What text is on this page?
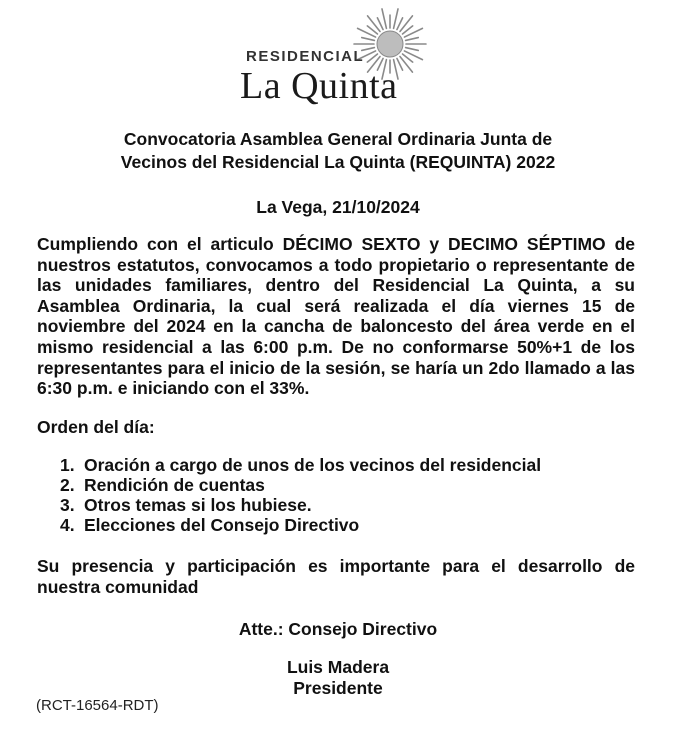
RESIDENCIAL
La Quinta
Convocatoria Asamblea General Ordinaria Junta de
Vecinos del Residencial La Quinta (REQUINTA) 2022

La Vega, 21/10/2024

Cumpliendo con el articulo DÉCIMO SEXTO y DECIMO SÉPTIMO de nuestros estatutos, convocamos a todo propietario o representante de las unidades familiares, dentro del Residencial La Quinta, a su Asamblea Ordinaria, la cual será realizada el día viernes 15 de noviembre del 2024 en la cancha de baloncesto del área verde en el mismo residencial a las 6:00 p.m. De no conformarse 50%+1 de los representantes para el inicio de la sesión, se haría un 2do llamado a las 6:30 p.m. e iniciando con el 33%.

Orden del día:

1. Oración a cargo de unos de los vecinos del residencial
2. Rendición de cuentas
3. Otros temas si los hubiese.
4. Elecciones del Consejo Directivo

Su presencia y participación es importante para el desarrollo de nuestra comunidad

Atte.: Consejo Directivo

Luis Madera
Presidente

(RCT-16564-RDT)
